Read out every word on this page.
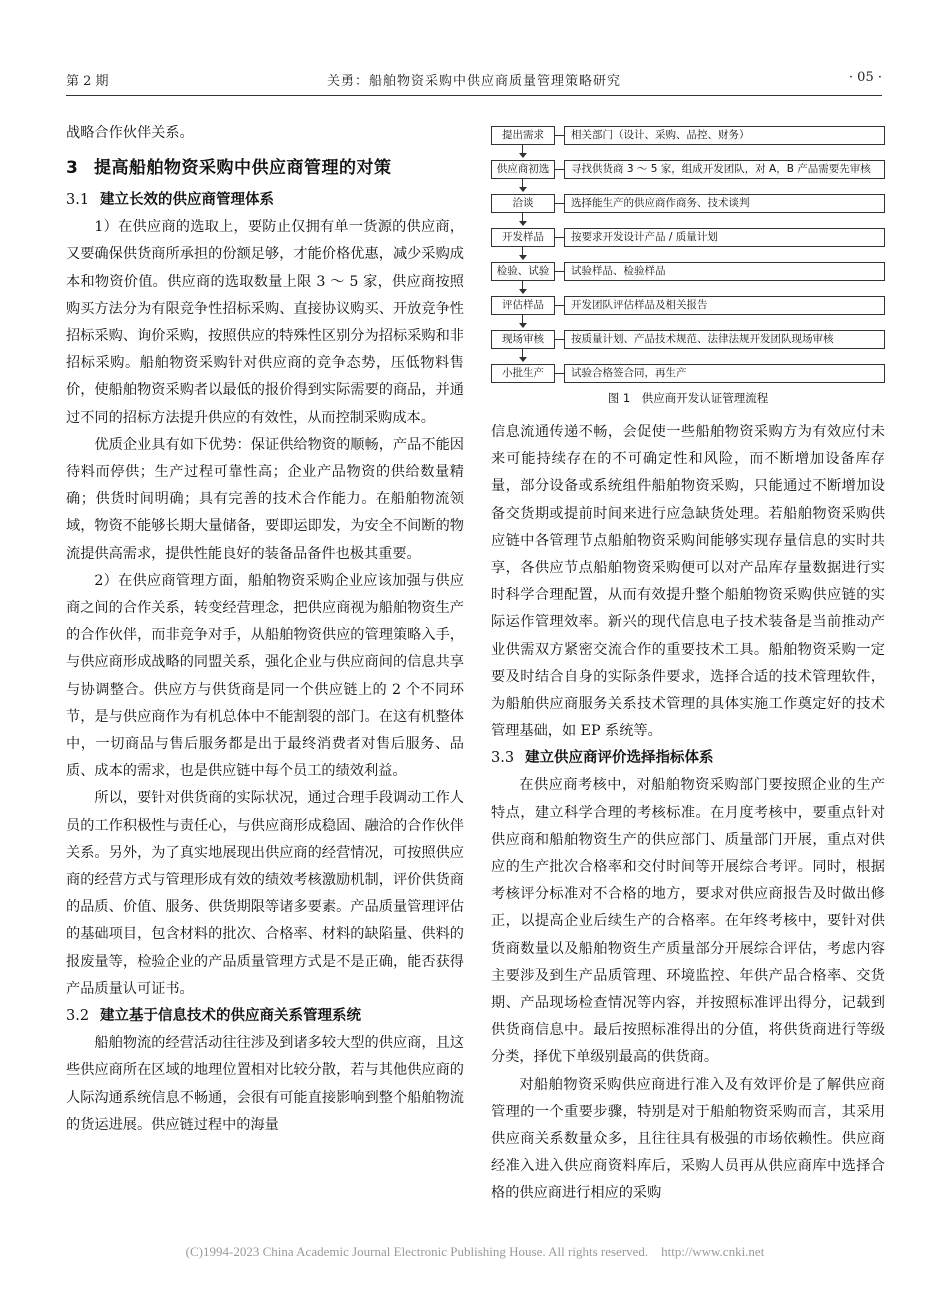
第 2 期	关勇：船舶物资采购中供应商质量管理策略研究	· 05 ·

战略合作伙伴关系。

3 提高船舶物资采购中供应商管理的对策
3.1 建立长效的供应商管理体系

1）在供应商的选取上，要防止仅拥有单一货源的供应商，又要确保供货商所承担的份额足够，才能价格优惠，减少采购成本和物资价值。供应商的选取数量上限 3 ～ 5 家，供应商按照购买方法分为有限竞争性招标采购、直接协议购买、开放竞争性招标采购、询价采购，按照供应的特殊性区别分为招标采购和非招标采购。船舶物资采购针对供应商的竞争态势，压低物料售价，使船舶物资采购者以最低的报价得到实际需要的商品，并通过不同的招标方法提升供应的有效性，从而控制采购成本。

优质企业具有如下优势：保证供给物资的顺畅，产品不能因待料而停供；生产过程可靠性高；企业产品物资的供给数量精确；供货时间明确；具有完善的技术合作能力。在船舶物流领域，物资不能够长期大量储备，要即运即发，为安全不间断的物流提供高需求，提供性能良好的装备品备件也极其重要。

2）在供应商管理方面，船舶物资采购企业应该加强与供应商之间的合作关系，转变经营理念，把供应商视为船舶物资生产的合作伙伴，而非竞争对手，从船舶物资供应的管理策略入手，与供应商形成战略的同盟关系，强化企业与供应商间的信息共享与协调整合。供应方与供货商是同一个供应链上的 2 个不同环节，是与供应商作为有机总体中不能割裂的部门。在这有机整体中，一切商品与售后服务都是出于最终消费者对售后服务、品质、成本的需求，也是供应链中每个员工的绩效利益。

所以，要针对供货商的实际状况，通过合理手段调动工作人员的工作积极性与责任心，与供应商形成稳固、融洽的合作伙伴关系。另外，为了真实地展现出供应商的经营情况，可按照供应商的经营方式与管理形成有效的绩效考核激励机制，评价供货商的品质、价值、服务、供货期限等诸多要素。产品质量管理评估的基础项目，包含材料的批次、合格率、材料的缺陷量、供料的报废量等，检验企业的产品质量管理方式是不是正确，能否获得产品质量认可证书。

3.2 建立基于信息技术的供应商关系管理系统

船舶物流的经营活动往往涉及到诸多较大型的供应商，且这些供应商所在区域的地理位置相对比较分散，若与其他供应商的人际沟通系统信息不畅通，会很有可能直接影响到整个船舶物流的货运进展。供应链过程中的海量

提出需求	相关部门（设计、采购、品控、财务）
供应商初选	寻找供货商 3 ～ 5 家，组成开发团队，对 A，B 产品需要先审核
洽谈	选择能生产的供应商作商务、技术谈判
开发样品	按要求开发设计产品 / 质量计划
检验、试验	试验样品、检验样品
评估样品	开发团队评估样品及相关报告
现场审核	按质量计划、产品技术规范、法律法规开发团队现场审核
小批生产	试验合格签合同，再生产
图 1　供应商开发认证管理流程

信息流通传递不畅，会促使一些船舶物资采购方为有效应付未来可能持续存在的不可确定性和风险，而不断增加设备库存量，部分设备或系统组件船舶物资采购，只能通过不断增加设备交货期或提前时间来进行应急缺货处理。若船舶物资采购供应链中各管理节点船舶物资采购间能够实现存量信息的实时共享，各供应节点船舶物资采购便可以对产品库存量数据进行实时科学合理配置，从而有效提升整个船舶物资采购供应链的实际运作管理效率。新兴的现代信息电子技术装备是当前推动产业供需双方紧密交流合作的重要技术工具。船舶物资采购一定要及时结合自身的实际条件要求，选择合适的技术管理软件，为船舶供应商服务关系技术管理的具体实施工作奠定好的技术管理基础，如 EP 系统等。

3.3 建立供应商评价选择指标体系

在供应商考核中，对船舶物资采购部门要按照企业的生产特点，建立科学合理的考核标准。在月度考核中，要重点针对供应商和船舶物资生产的供应部门、质量部门开展，重点对供应的生产批次合格率和交付时间等开展综合考评。同时，根据考核评分标准对不合格的地方，要求对供应商报告及时做出修正，以提高企业后续生产的合格率。在年终考核中，要针对供货商数量以及船舶物资生产质量部分开展综合评估，考虑内容主要涉及到生产品质管理、环境监控、年供产品合格率、交货期、产品现场检查情况等内容，并按照标准评出得分，记载到供货商信息中。最后按照标准得出的分值，将供货商进行等级分类，择优下单级别最高的供货商。

对船舶物资采购供应商进行准入及有效评价是了解供应商管理的一个重要步骤，特别是对于船舶物资采购而言，其采用供应商关系数量众多，且往往具有极强的市场依赖性。供应商经准入进入供应商资料库后，采购人员再从供应商库中选择合格的供应商进行相应的采购

(C)1994-2023 China Academic Journal Electronic Publishing House. All rights reserved.　http://www.cnki.net
